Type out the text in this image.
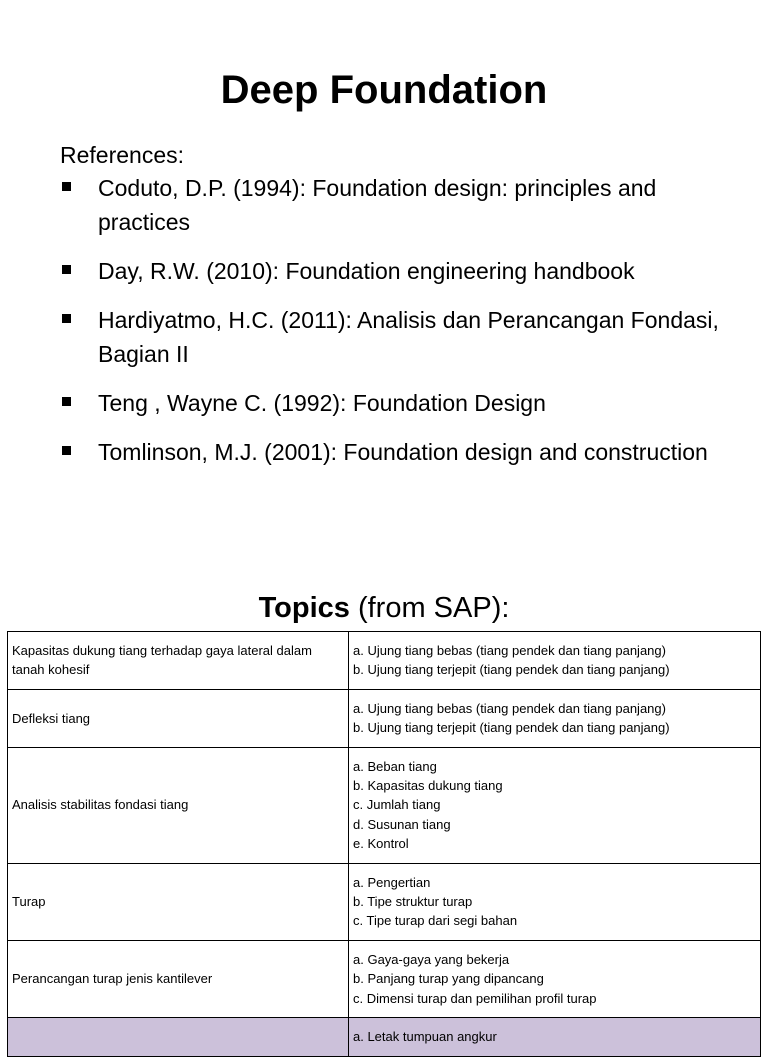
Deep Foundation
References:
Coduto, D.P. (1994): Foundation design: principles and practices
Day, R.W. (2010): Foundation engineering handbook
Hardiyatmo, H.C. (2011): Analisis dan Perancangan Fondasi, Bagian II
Teng , Wayne C. (1992): Foundation Design
Tomlinson, M.J. (2001): Foundation design and construction
Topics (from SAP):
Kapasitas dukung tiang terhadap gaya lateral dalam tanah kohesif	a. Ujung tiang bebas (tiang pendek dan tiang panjang)
b. Ujung tiang terjepit (tiang pendek dan tiang panjang)

Defleksi tiang	a. Ujung tiang bebas (tiang pendek dan tiang panjang)
b. Ujung tiang terjepit (tiang pendek dan tiang panjang)

Analisis stabilitas fondasi tiang	a. Beban tiang
b. Kapasitas dukung tiang
c. Jumlah tiang
d. Susunan tiang
e. Kontrol

Turap	a. Pengertian
b. Tipe struktur turap
c. Tipe turap dari segi bahan

Perancangan turap jenis kantilever	a. Gaya-gaya yang bekerja
b. Panjang turap yang dipancang
c. Dimensi turap dan pemilihan profil turap

	a. Letak tumpuan angkur
